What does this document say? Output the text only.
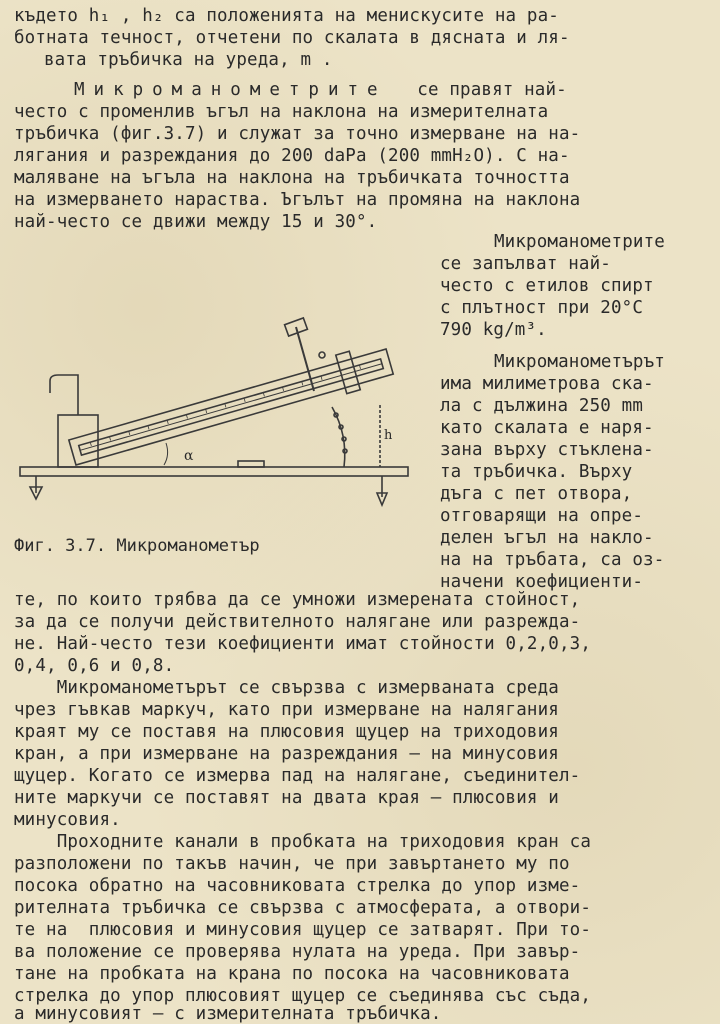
където h₁ , h₂ са положенията на менискусите на ра-
ботната течност, отчетени по скалата в дясната и ля-
вата тръбичка на уреда, m .
Микроманометрите се правят най-
често с променлив ъгъл на наклона на измерителната
тръбичка (фиг.3.7) и служат за точно измерване на на-
лягания и разреждания до 200 daPa (200 mmH₂O). С на-
маляване на ъгъла на наклона на тръбичката точността
на измерването нараства. Ъгълът на промяна на наклона
най-често се движи между 15 и 30°.
Микроманометрите
се запълват най-
често с етилов спирт
с плътност при 20°С
790 kg/m³.
Микроманометърът
има милиметрова ска-
ла с дължина 250 mm
като скалата е наря-
зана върху стъклена-
та тръбичка. Върху
дъга с пет отвора,
отговарящи на опре-
делен ъгъл на накло-
на на тръбата, са оз-
начени коефициенти-
α
h
Фиг. 3.7. Микроманометър
те, по които трябва да се умножи измерената стойност,
за да се получи действителното налягане или разрежда-
не. Най-често тези коефициенти имат стойности 0,2,0,3,
0,4, 0,6 и 0,8.
Микроманометърът се свързва с измерваната среда
чрез гъвкав маркуч, като при измерване на налягания
краят му се поставя на плюсовия щуцер на триходовия
кран, а при измерване на разреждания – на минусовия
щуцер. Когато се измерва пад на налягане, съединител-
ните маркучи се поставят на двата края – плюсовия и
минусовия.
Проходните канали в пробката на триходовия кран са
разположени по такъв начин, че при завъртането му по
посока обратно на часовниковата стрелка до упор изме-
рителната тръбичка се свързва с атмосферата, а отвори-
те на  плюсовия и минусовия щуцер се затварят. При то-
ва положение се проверява нулата на уреда. При завър-
тане на пробката на крана по посока на часовниковата
стрелка до упор плюсовият щуцер се съединява със съда,
а минусовият – с измерителната тръбичка.
